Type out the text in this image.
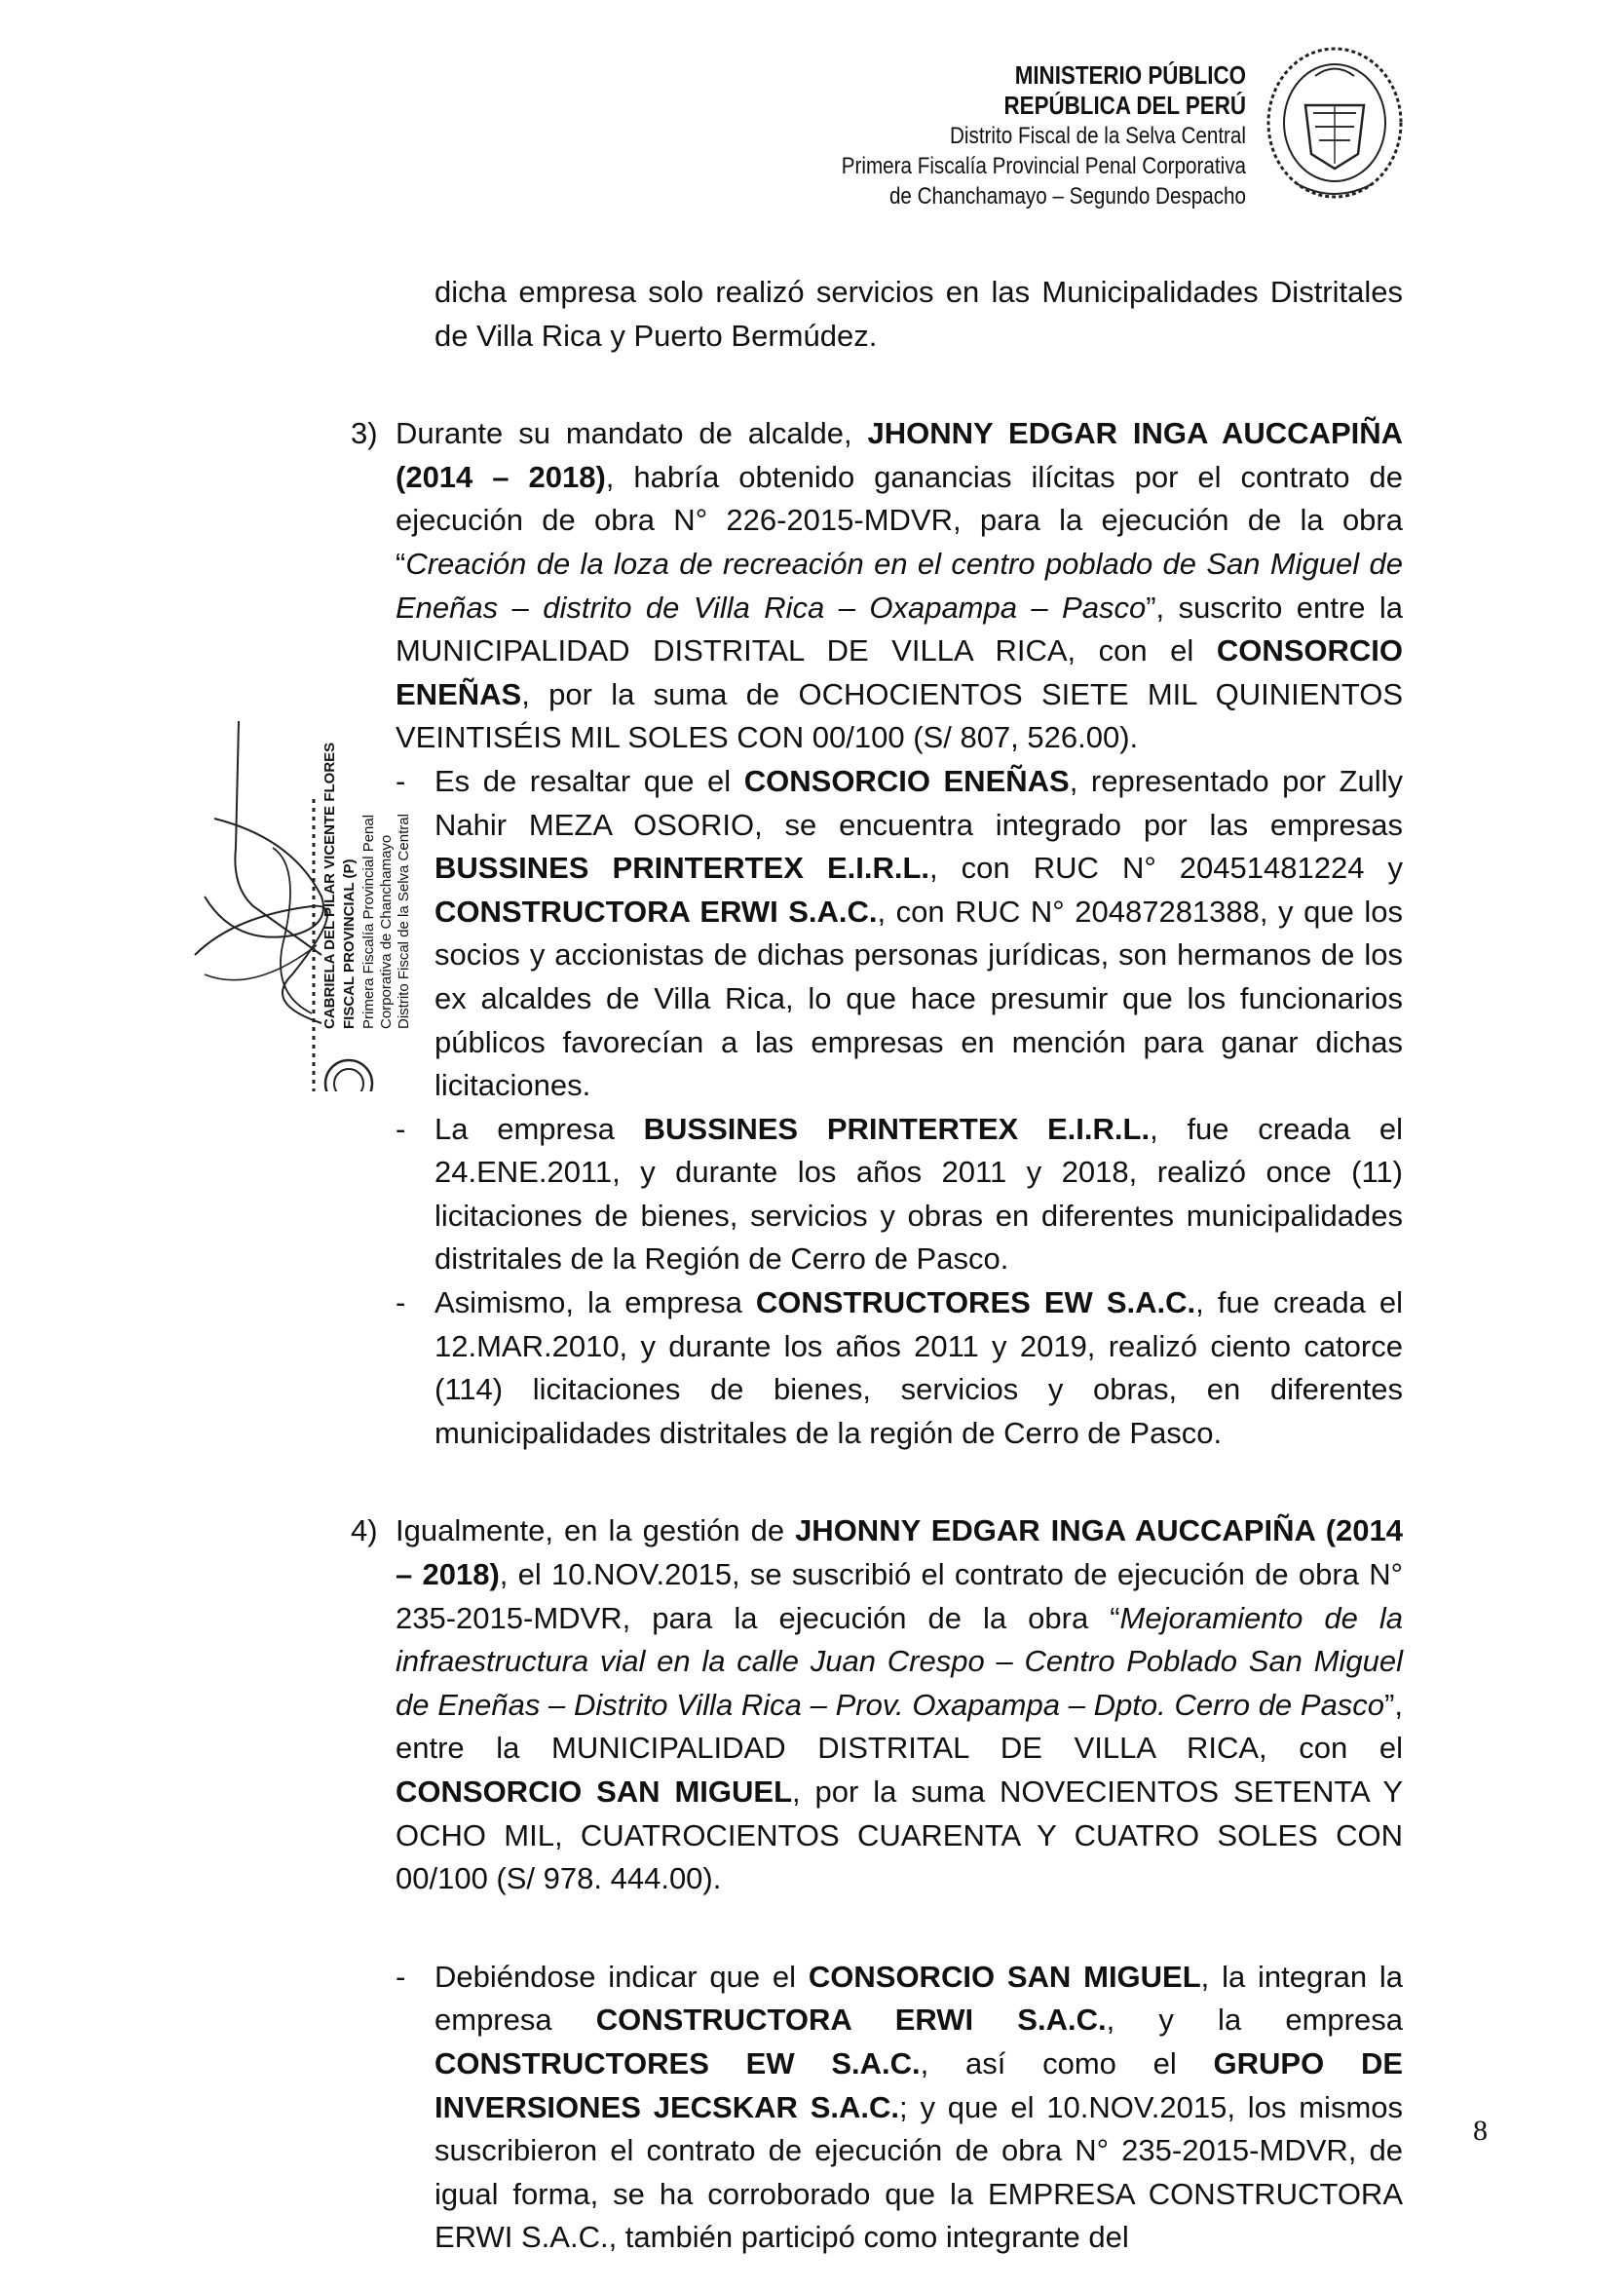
MINISTERIO PÚBLICO
REPÚBLICA DEL PERÚ
Distrito Fiscal de la Selva Central
Primera Fiscalía Provincial Penal Corporativa
de Chanchamayo – Segundo Despacho

dicha empresa solo realizó servicios en las Municipalidades Distritales de Villa Rica y Puerto Bermúdez.

3) Durante su mandato de alcalde, JHONNY EDGAR INGA AUCCAPIÑA (2014 – 2018), habría obtenido ganancias ilícitas por el contrato de ejecución de obra N° 226-2015-MDVR, para la ejecución de la obra “Creación de la loza de recreación en el centro poblado de San Miguel de Eneñas – distrito de Villa Rica – Oxapampa – Pasco”, suscrito entre la MUNICIPALIDAD DISTRITAL DE VILLA RICA, con el CONSORCIO ENEÑAS, por la suma de OCHOCIENTOS SIETE MIL QUINIENTOS VEINTISÉIS MIL SOLES CON 00/100 (S/ 807, 526.00).

- Es de resaltar que el CONSORCIO ENEÑAS, representado por Zully Nahir MEZA OSORIO, se encuentra integrado por las empresas BUSSINES PRINTERTEX E.I.R.L., con RUC N° 20451481224 y CONSTRUCTORA ERWI S.A.C., con RUC N° 20487281388, y que los socios y accionistas de dichas personas jurídicas, son hermanos de los ex alcaldes de Villa Rica, lo que hace presumir que los funcionarios públicos favorecían a las empresas en mención para ganar dichas licitaciones.

- La empresa BUSSINES PRINTERTEX E.I.R.L., fue creada el 24.ENE.2011, y durante los años 2011 y 2018, realizó once (11) licitaciones de bienes, servicios y obras en diferentes municipalidades distritales de la Región de Cerro de Pasco.

- Asimismo, la empresa CONSTRUCTORES EW S.A.C., fue creada el 12.MAR.2010, y durante los años 2011 y 2019, realizó ciento catorce (114) licitaciones de bienes, servicios y obras, en diferentes municipalidades distritales de la región de Cerro de Pasco.

4) Igualmente, en la gestión de JHONNY EDGAR INGA AUCCAPIÑA (2014 – 2018), el 10.NOV.2015, se suscribió el contrato de ejecución de obra N° 235-2015-MDVR, para la ejecución de la obra “Mejoramiento de la infraestructura vial en la calle Juan Crespo – Centro Poblado San Miguel de Eneñas – Distrito Villa Rica – Prov. Oxapampa – Dpto. Cerro de Pasco”, entre la MUNICIPALIDAD DISTRITAL DE VILLA RICA, con el CONSORCIO SAN MIGUEL, por la suma NOVECIENTOS SETENTA Y OCHO MIL, CUATROCIENTOS CUARENTA Y CUATRO SOLES CON 00/100 (S/ 978. 444.00).

- Debiéndose indicar que el CONSORCIO SAN MIGUEL, la integran la empresa CONSTRUCTORA ERWI S.A.C., y la empresa CONSTRUCTORES EW S.A.C., así como el GRUPO DE INVERSIONES JECSKAR S.A.C.; y que el 10.NOV.2015, los mismos suscribieron el contrato de ejecución de obra N° 235-2015-MDVR, de igual forma, se ha corroborado que la EMPRESA CONSTRUCTORA ERWI S.A.C., también participó como integrante del

CABRIELA DEL PILAR VICENTE FLORES FISCAL PROVINCIAL (P) Primera Fiscalía Provincial Penal Corporativa de Chanchamayo Distrito Fiscal de la Selva Central
8
